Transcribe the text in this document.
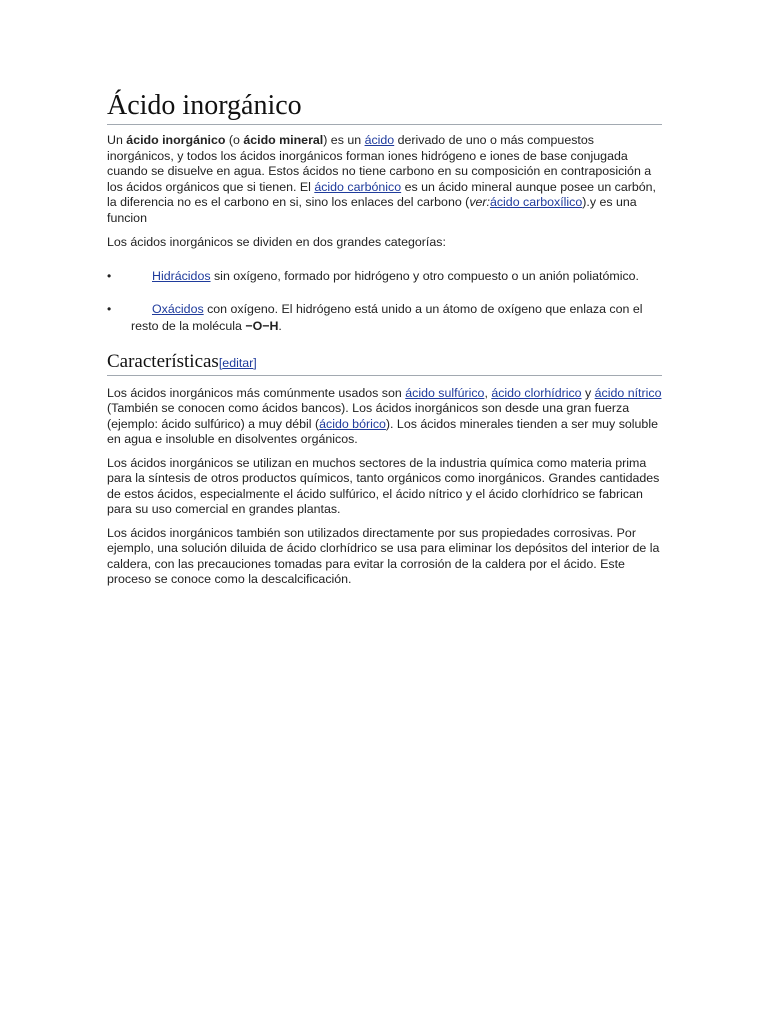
Ácido inorgánico

Un ácido inorgánico (o ácido mineral) es un ácido derivado de uno o más compuestos inorgánicos, y todos los ácidos inorgánicos forman iones hidrógeno e iones de base conjugada cuando se disuelve en agua. Estos ácidos no tiene carbono en su composición en contraposición a los ácidos orgánicos que si tienen. El ácido carbónico es un ácido mineral aunque posee un carbón, la diferencia no es el carbono en si, sino los enlaces del carbono (ver:ácido carboxílico).y es una funcion

Los ácidos inorgánicos se dividen en dos grandes categorías:

•	Hidrácidos sin oxígeno, formado por hidrógeno y otro compuesto o un anión poliatómico.
•	Oxácidos con oxígeno. El hidrógeno está unido a un átomo de oxígeno que enlaza con el resto de la molécula −O−H.
Características[editar]

Los ácidos inorgánicos más comúnmente usados son ácido sulfúrico, ácido clorhídrico y ácido nítrico (También se conocen como ácidos bancos). Los ácidos inorgánicos son desde una gran fuerza (ejemplo: ácido sulfúrico) a muy débil (ácido bórico). Los ácidos minerales tienden a ser muy soluble en agua e insoluble en disolventes orgánicos.

Los ácidos inorgánicos se utilizan en muchos sectores de la industria química como materia prima para la síntesis de otros productos químicos, tanto orgánicos como inorgánicos. Grandes cantidades de estos ácidos, especialmente el ácido sulfúrico, el ácido nítrico y el ácido clorhídrico se fabrican para su uso comercial en grandes plantas.

Los ácidos inorgánicos también son utilizados directamente por sus propiedades corrosivas. Por ejemplo, una solución diluida de ácido clorhídrico se usa para eliminar los depósitos del interior de la caldera, con las precauciones tomadas para evitar la corrosión de la caldera por el ácido. Este proceso se conoce como la descalcificación.
